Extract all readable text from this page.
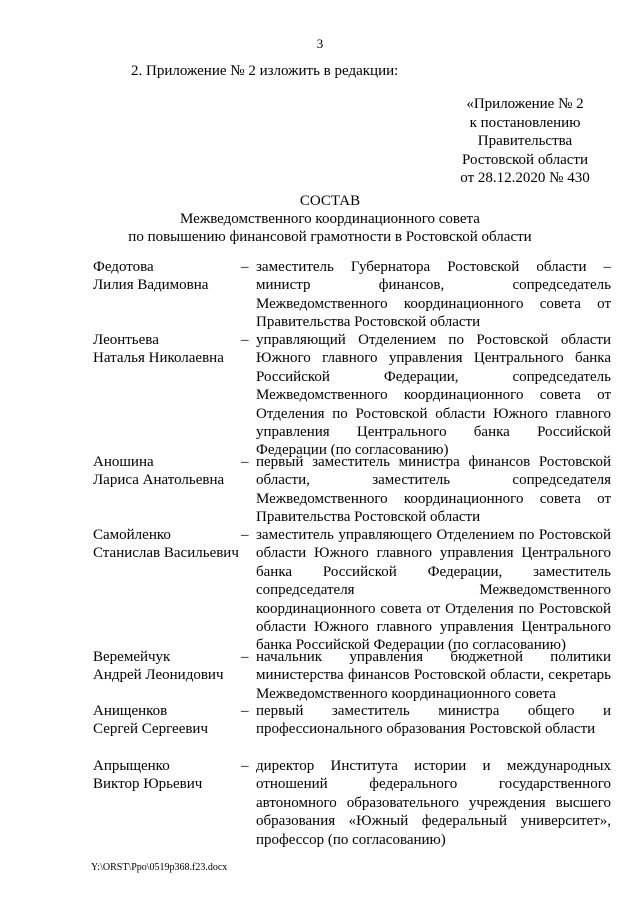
3
2. Приложение № 2 изложить в редакции:
«Приложение № 2
к постановлению
Правительства
Ростовской области
от 28.12.2020 № 430
СОСТАВ
Межведомственного координационного совета
по повышению финансовой грамотности в Ростовской области
Федотова
Лилия Вадимовна
– заместитель Губернатора Ростовской области – министр финансов, сопредседатель Межведомственного координационного совета от Правительства Ростовской области
Леонтьева
Наталья Николаевна
– управляющий Отделением по Ростовской области Южного главного управления Центрального банка Российской Федерации, сопредседатель Межведомственного координационного совета от Отделения по Ростовской области Южного главного управления Центрального банка Российской Федерации (по согласованию)
Аношина
Лариса Анатольевна
– первый заместитель министра финансов Ростовской области, заместитель сопредседателя Межведомственного координационного совета от Правительства Ростовской области
Самойленко
Станислав Васильевич
– заместитель управляющего Отделением по Ростовской области Южного главного управления Центрального банка Российской Федерации, заместитель сопредседателя Межведомственного координационного совета от Отделения по Ростовской области Южного главного управления Центрального банка Российской Федерации (по согласованию)
Веремейчук
Андрей Леонидович
– начальник управления бюджетной политики министерства финансов Ростовской области, секретарь Межведомственного координационного совета
Анищенков
Сергей Сергеевич
– первый заместитель министра общего и профессионального образования Ростовской области
Апрыщенко
Виктор Юрьевич
– директор Института истории и международных отношений федерального государственного автономного образовательного учреждения высшего образования «Южный федеральный университет», профессор (по согласованию)
Y:\ORST\Ppo\0519p368.f23.docx
